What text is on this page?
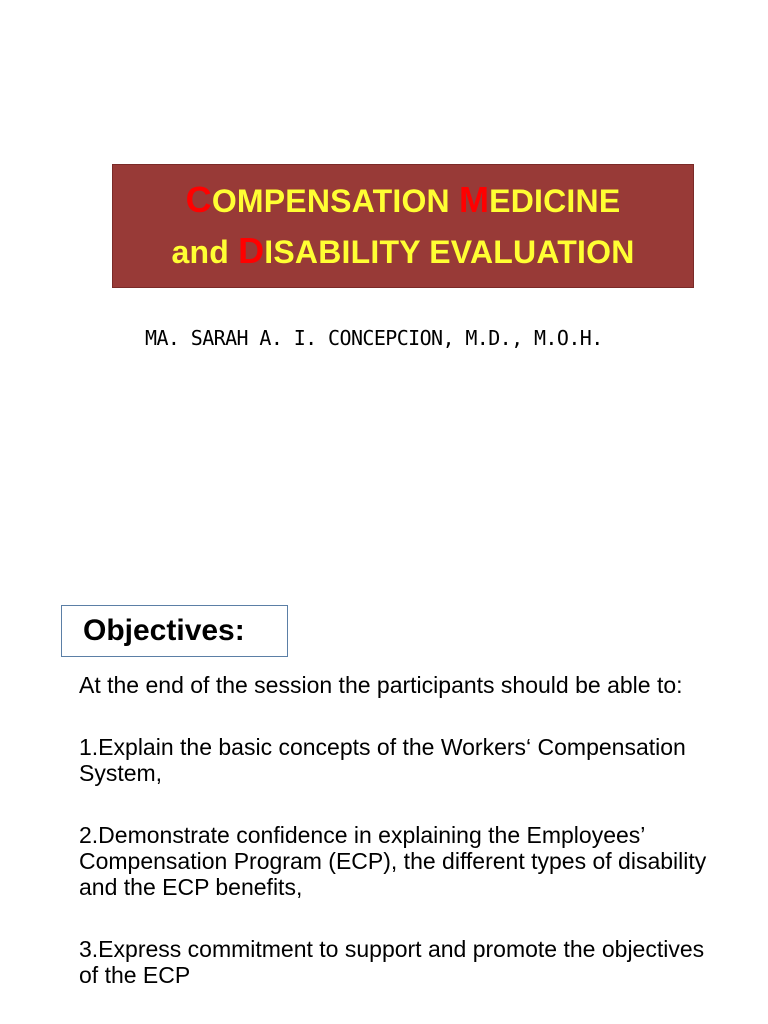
COMPENSATION MEDICINE
and DISABILITY EVALUATION
MA. SARAH A. I. CONCEPCION, M.D., M.O.H.
Objectives:

At the end of the session the participants should be able to:

1.Explain the basic concepts of the Workers‘ Compensation System,

2.Demonstrate confidence in explaining the Employees’ Compensation Program (ECP), the different types of disability and the ECP benefits,

3.Express commitment to support and promote the objectives of the ECP
